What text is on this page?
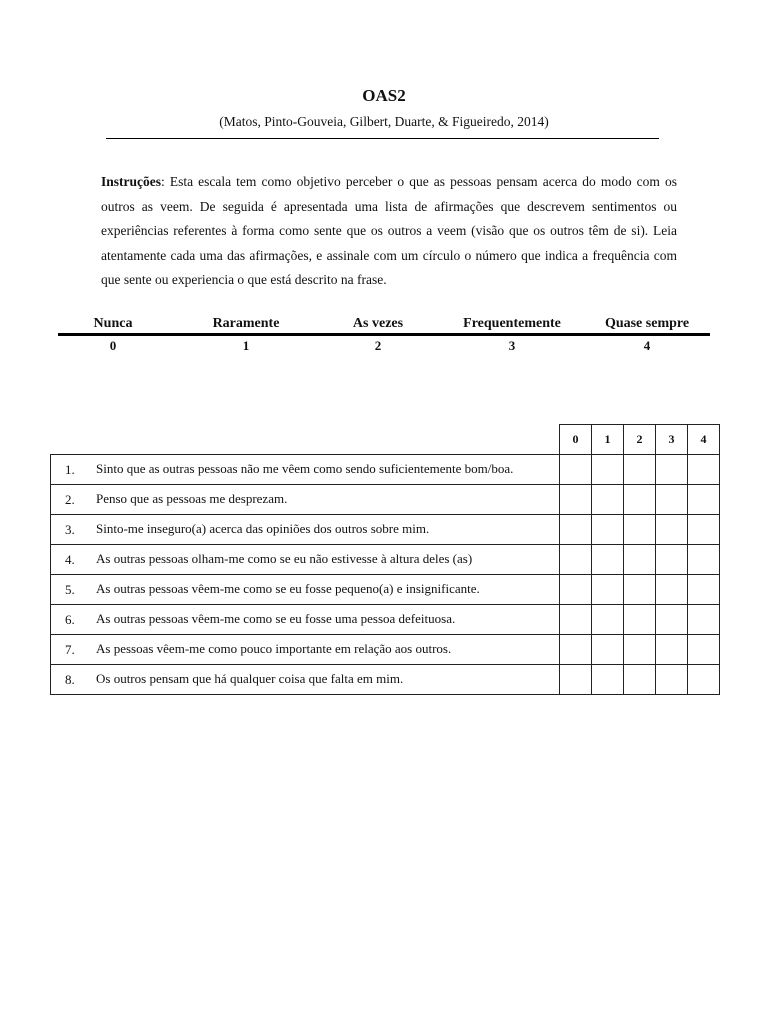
OAS2
(Matos, Pinto-Gouveia, Gilbert, Duarte, & Figueiredo, 2014)

Instruções: Esta escala tem como objetivo perceber o que as pessoas pensam acerca do modo com os outros as veem. De seguida é apresentada uma lista de afirmações que descrevem sentimentos ou experiências referentes à forma como sente que os outros a veem (visão que os outros têm de si). Leia atentamente cada uma das afirmações, e assinale com um círculo o número que indica a frequência com que sente ou experiencia o que está descrito na frase.

Nunca	Raramente	As vezes	Frequentemente	Quase sempre
0	1	2	3	4
	0	1	2	3	4

1. Sinto que as outras pessoas não me vêem como sendo suficientemente bom/boa.					

2. Penso que as pessoas me desprezam.					

3. Sinto-me inseguro(a) acerca das opiniões dos outros sobre mim.					

4. As outras pessoas olham-me como se eu não estivesse à altura deles (as)					

5. As outras pessoas vêem-me como se eu fosse pequeno(a) e insignificante.					

6. As outras pessoas vêem-me como se eu fosse uma pessoa defeituosa.					

7. As pessoas vêem-me como pouco importante em relação aos outros.					

8. Os outros pensam que há qualquer coisa que falta em mim.					
